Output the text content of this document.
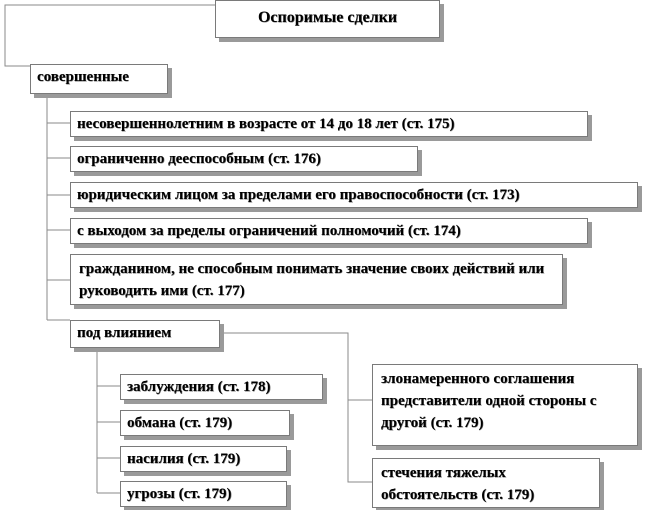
Оспоримые сделки
совершенные
несовершеннолетним в возрасте от 14 до 18 лет (ст. 175)
ограниченно дееспособным (ст. 176)
юридическим лицом за пределами его правоспособности (ст. 173)
с выходом за пределы ограничений полномочий (ст. 174)
гражданином, не способным понимать значение своих действий или руководить ими (ст. 177)
под влиянием
заблуждения (ст. 178)
обмана (ст. 179)
насилия (ст. 179)
угрозы (ст. 179)
злонамеренного соглашения представители одной стороны с другой (ст. 179)
стечения тяжелых обстоятельств (ст. 179)
